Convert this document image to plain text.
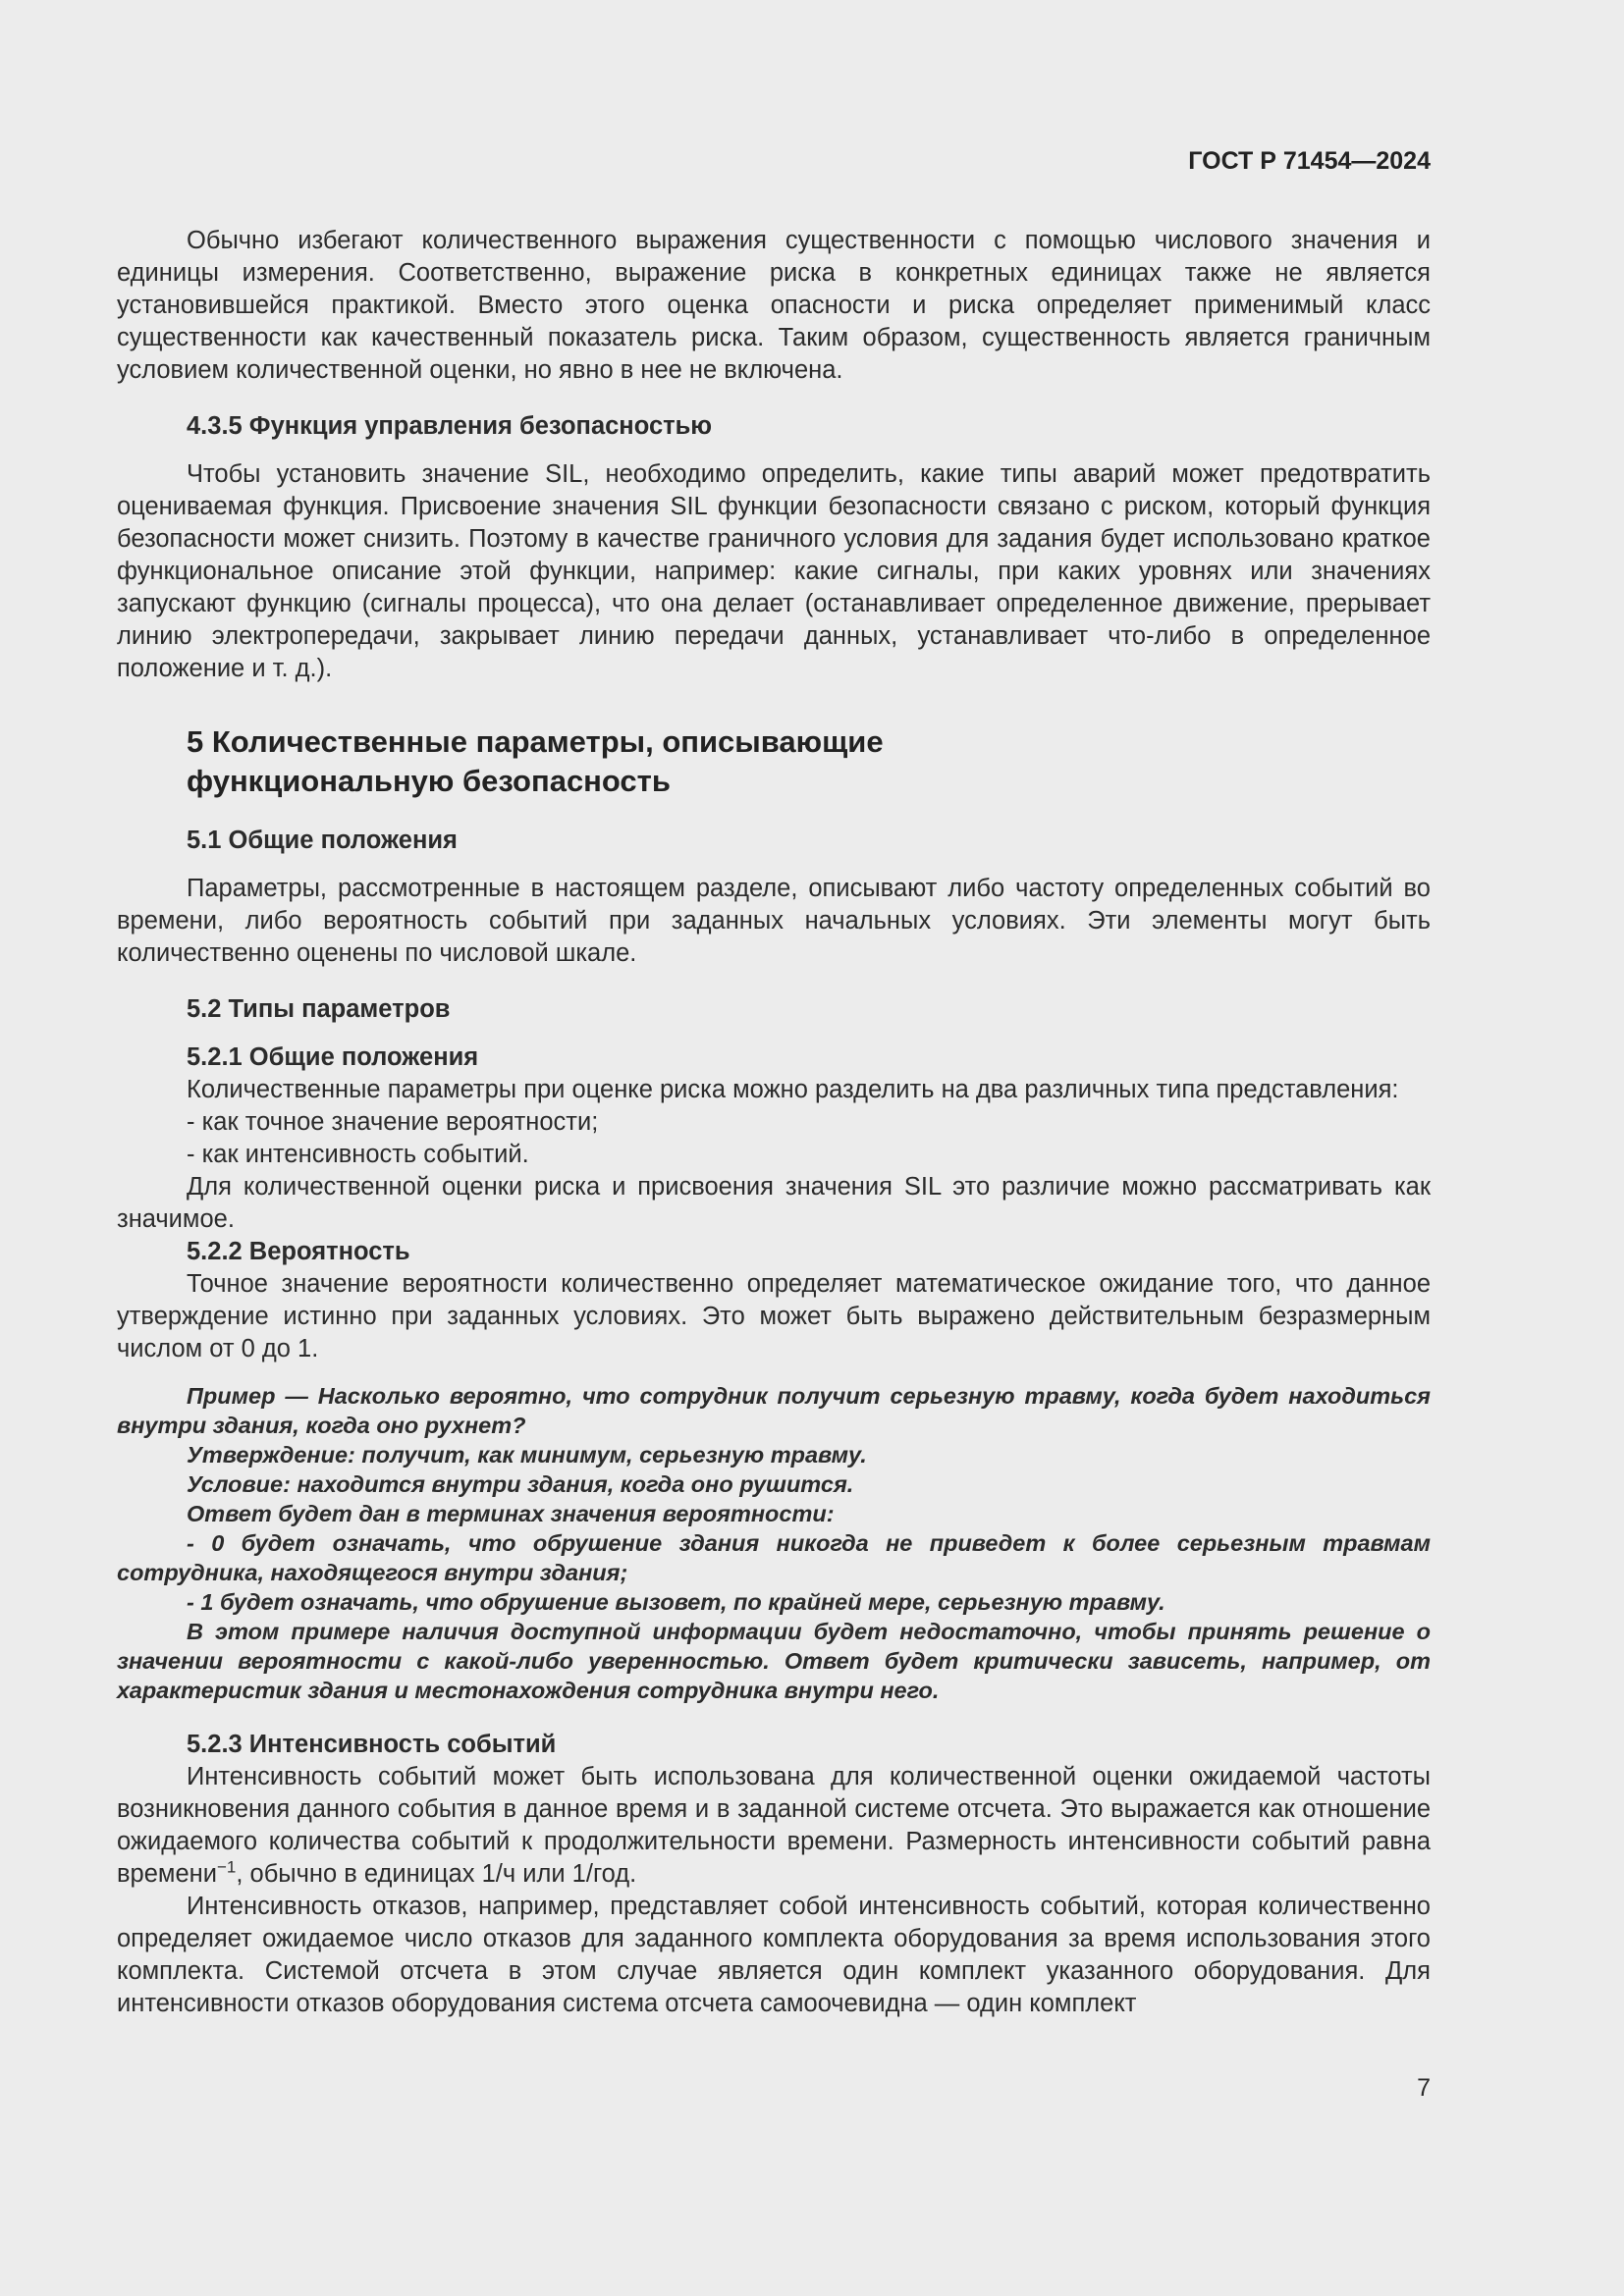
ГОСТ Р 71454—2024

Обычно избегают количественного выражения существенности с помощью числового значения и единицы измерения. Соответственно, выражение риска в конкретных единицах также не является установившейся практикой. Вместо этого оценка опасности и риска определяет применимый класс существенности как качественный показатель риска. Таким образом, существенность является граничным условием количественной оценки, но явно в нее не включена.

4.3.5 Функция управления безопасностью

Чтобы установить значение SIL, необходимо определить, какие типы аварий может предотвратить оцениваемая функция. Присвоение значения SIL функции безопасности связано с риском, который функция безопасности может снизить. Поэтому в качестве граничного условия для задания будет использовано краткое функциональное описание этой функции, например: какие сигналы, при каких уровнях или значениях запускают функцию (сигналы процесса), что она делает (останавливает определенное движение, прерывает линию электропередачи, закрывает линию передачи данных, устанавливает что-либо в определенное положение и т. д.).

5 Количественные параметры, описывающие

функциональную безопасность

5.1 Общие положения

Параметры, рассмотренные в настоящем разделе, описывают либо частоту определенных событий во времени, либо вероятность событий при заданных начальных условиях. Эти элементы могут быть количественно оценены по числовой шкале.

5.2 Типы параметров

5.2.1 Общие положения

Количественные параметры при оценке риска можно разделить на два различных типа представления:

- как точное значение вероятности;

- как интенсивность событий.

Для количественной оценки риска и присвоения значения SIL это различие можно рассматривать как значимое.

5.2.2 Вероятность

Точное значение вероятности количественно определяет математическое ожидание того, что данное утверждение истинно при заданных условиях. Это может быть выражено действительным безразмерным числом от 0 до 1.

Пример — Насколько вероятно, что сотрудник получит серьезную травму, когда будет находиться внутри здания, когда оно рухнет?

Утверждение: получит, как минимум, серьезную травму.

Условие: находится внутри здания, когда оно рушится.

Ответ будет дан в терминах значения вероятности:

- 0 будет означать, что обрушение здания никогда не приведет к более серьезным травмам сотрудника, находящегося внутри здания;

- 1 будет означать, что обрушение вызовет, по крайней мере, серьезную травму.

В этом примере наличия доступной информации будет недостаточно, чтобы принять решение о значении вероятности с какой-либо уверенностью. Ответ будет критически зависеть, например, от характеристик здания и местонахождения сотрудника внутри него.

5.2.3 Интенсивность событий

Интенсивность событий может быть использована для количественной оценки ожидаемой частоты возникновения данного события в данное время и в заданной системе отсчета. Это выражается как отношение ожидаемого количества событий к продолжительности времени. Размерность интенсивности событий равна времени$^{-1}$, обычно в единицах 1/ч или 1/год.

Интенсивность отказов, например, представляет собой интенсивность событий, которая количественно определяет ожидаемое число отказов для заданного комплекта оборудования за время использования этого комплекта. Системой отсчета в этом случае является один комплект указанного оборудования. Для интенсивности отказов оборудования система отсчета самоочевидна — один комплект

7
